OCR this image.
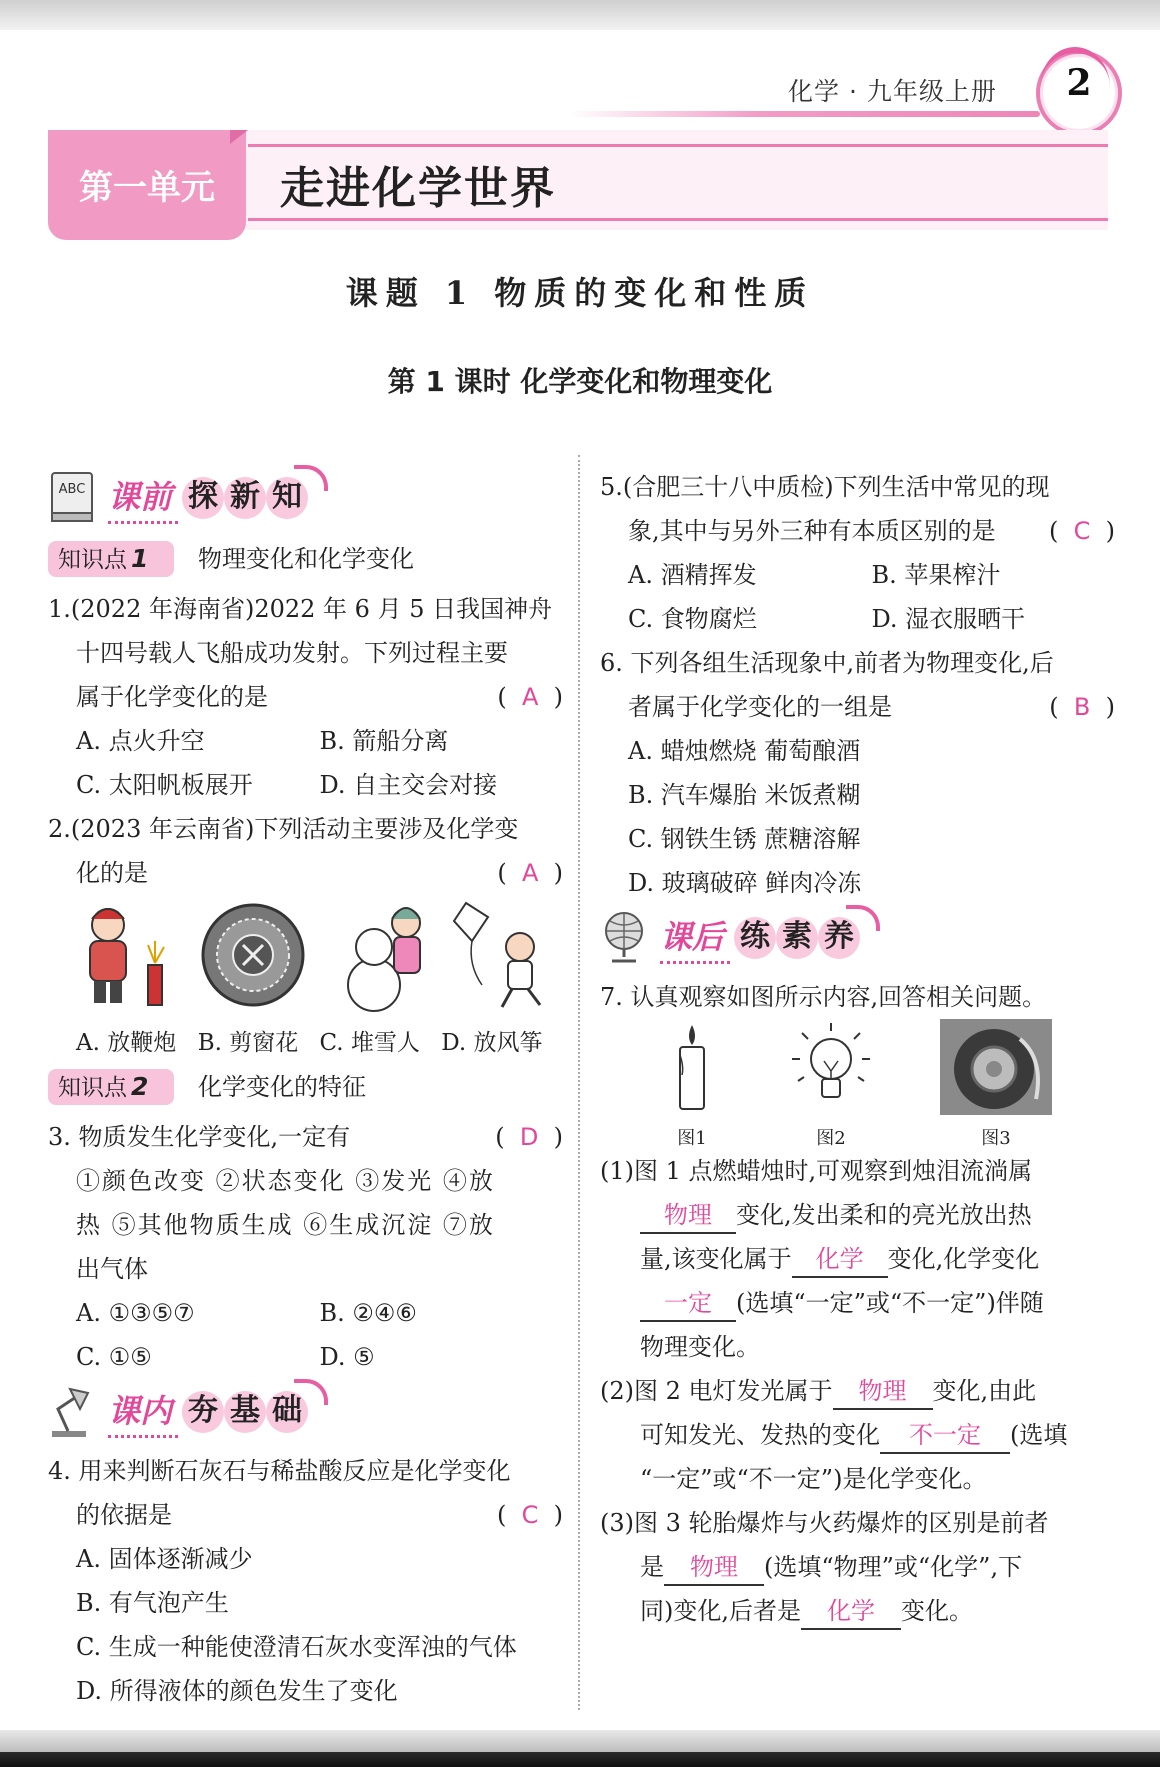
化学 · 九年级上册	2
第一单元	走进化学世界
课题 1 物质的变化和性质
第 1 课时 化学变化和物理变化
ABC 课前 探 新 知
知识点 1	物理变化和化学变化
1.(2022 年海南省)2022 年 6 月 5 日我国神舟
十四号载人飞船成功发射。下列过程主要
属于化学变化的是	(  A  )
A. 点火升空	B. 箭船分离
C. 太阳帆板展开	D. 自主交会对接
2.(2023 年云南省)下列活动主要涉及化学变
化的是	(  A  )
A. 放鞭炮 B. 剪窗花 C. 堆雪人 D. 放风筝
知识点 2	化学变化的特征
3. 物质发生化学变化,一定有	(  D  )
①颜色改变 ②状态变化 ③发光 ④放
热 ⑤其他物质生成 ⑥生成沉淀 ⑦放
出气体
A. ①③⑤⑦	B. ②④⑥
C. ①⑤	D. ⑤
课内 夯 基 础
4. 用来判断石灰石与稀盐酸反应是化学变化
的依据是	(  C  )
A. 固体逐渐减少
B. 有气泡产生
C. 生成一种能使澄清石灰水变浑浊的气体
D. 所得液体的颜色发生了变化
5.(合肥三十八中质检)下列生活中常见的现
象,其中与另外三种有本质区别的是 (  C  )
A. 酒精挥发	B. 苹果榨汁
C. 食物腐烂	D. 湿衣服晒干
6. 下列各组生活现象中,前者为物理变化,后
者属于化学变化的一组是	(  B  )
A. 蜡烛燃烧 葡萄酿酒
B. 汽车爆胎 米饭煮糊
C. 钢铁生锈 蔗糖溶解
D. 玻璃破碎 鲜肉冷冻
课后 练 素 养
7. 认真观察如图所示内容,回答相关问题。
图1	图2	图3
(1)图 1 点燃蜡烛时,可观察到烛泪流淌属
物理 变化,发出柔和的亮光放出热
量,该变化属于 化学 变化,化学变化
一定 (选填“一定”或“不一定”)伴随
物理变化。
(2)图 2 电灯发光属于 物理 变化,由此
可知发光、发热的变化 不一定 (选填
“一定”或“不一定”)是化学变化。
(3)图 3 轮胎爆炸与火药爆炸的区别是前者
是 物理 (选填“物理”或“化学”,下
同)变化,后者是 化学 变化。
